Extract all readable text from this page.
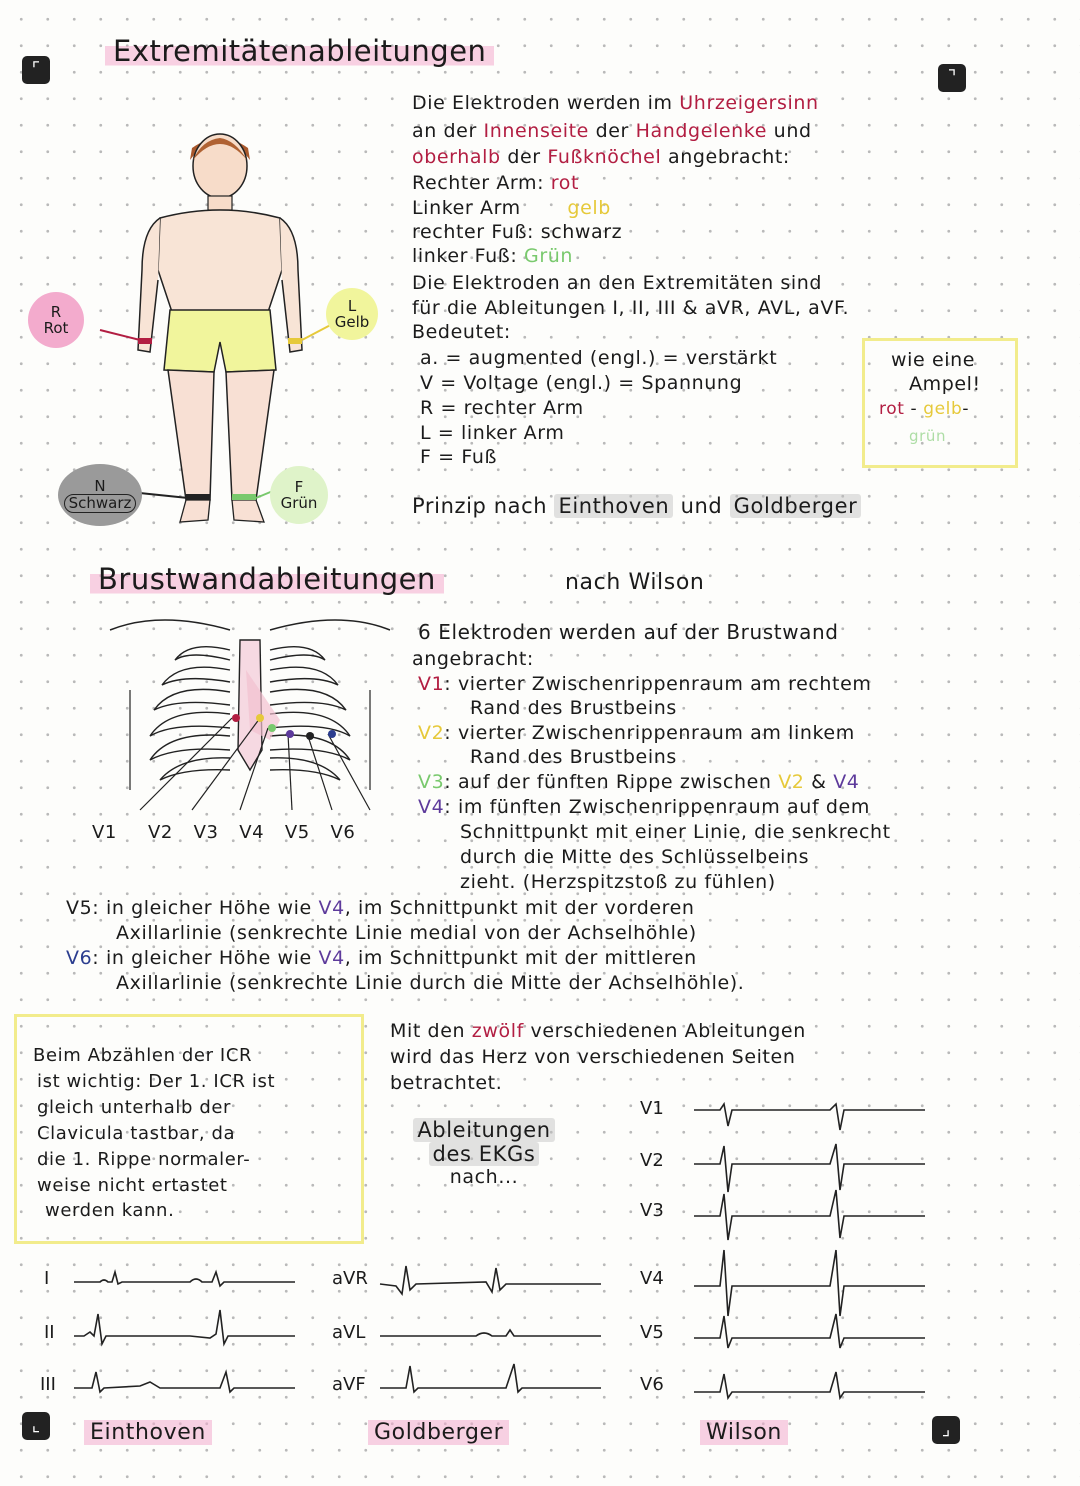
⌜	⌝
⌞	⌟
Extremitätenableitungen
R
Rot
L
Gelb
N
Schwarz
F
Grün
Die Elektroden werden im Uhrzeigersinn
an der Innenseite der Handgelenke und
oberhalb der Fußknöchel angebracht:
Rechter Arm: rot
Linker Arm gelb
rechter Fuß: schwarz
linker Fuß: Grün
Die Elektroden an den Extremitäten sind
für die Ableitungen I, II, III & aVR, AVL, aVF.
Bedeutet:
a. = augmented (engl.) = verstärkt
V = Voltage (engl.) = Spannung
R = rechter Arm
L = linker Arm
F = Fuß
wie eine
Ampel!
rot - gelb-
grün
Prinzip nach Einthoven und Goldberger
Brustwandableitungen	nach Wilson
V1 V2 V3 V4 V5 V6
6 Elektroden werden auf der Brustwand
angebracht:
V1: vierter Zwischenrippenraum am rechtem
Rand des Brustbeins
V2: vierter Zwischenrippenraum am linkem
Rand des Brustbeins
V3: auf der fünften Rippe zwischen V2 & V4
V4: im fünften Zwischenrippenraum auf dem
Schnittpunkt mit einer Linie, die senkrecht
durch die Mitte des Schlüsselbeins
zieht. (Herzspitzstoß zu fühlen)
V5: in gleicher Höhe wie V4, im Schnittpunkt mit der vorderen
Axillarlinie (senkrechte Linie medial von der Achselhöhle)
V6: in gleicher Höhe wie V4, im Schnittpunkt mit der mittleren
Axillarlinie (senkrechte Linie durch die Mitte der Achselhöhle).
Beim Abzählen der ICR
ist wichtig: Der 1. ICR ist
gleich unterhalb der
Clavicula tastbar, da
die 1. Rippe normaler-
weise nicht ertastet
werden kann.
Mit den zwölf verschiedenen Ableitungen
wird das Herz von verschiedenen Seiten
betrachtet.
Ableitungen
des EKGs
nach...
I
II
III
aVR
aVL
aVF
V1
V2
V3
V4
V5
V6
Einthoven	Goldberger	Wilson
